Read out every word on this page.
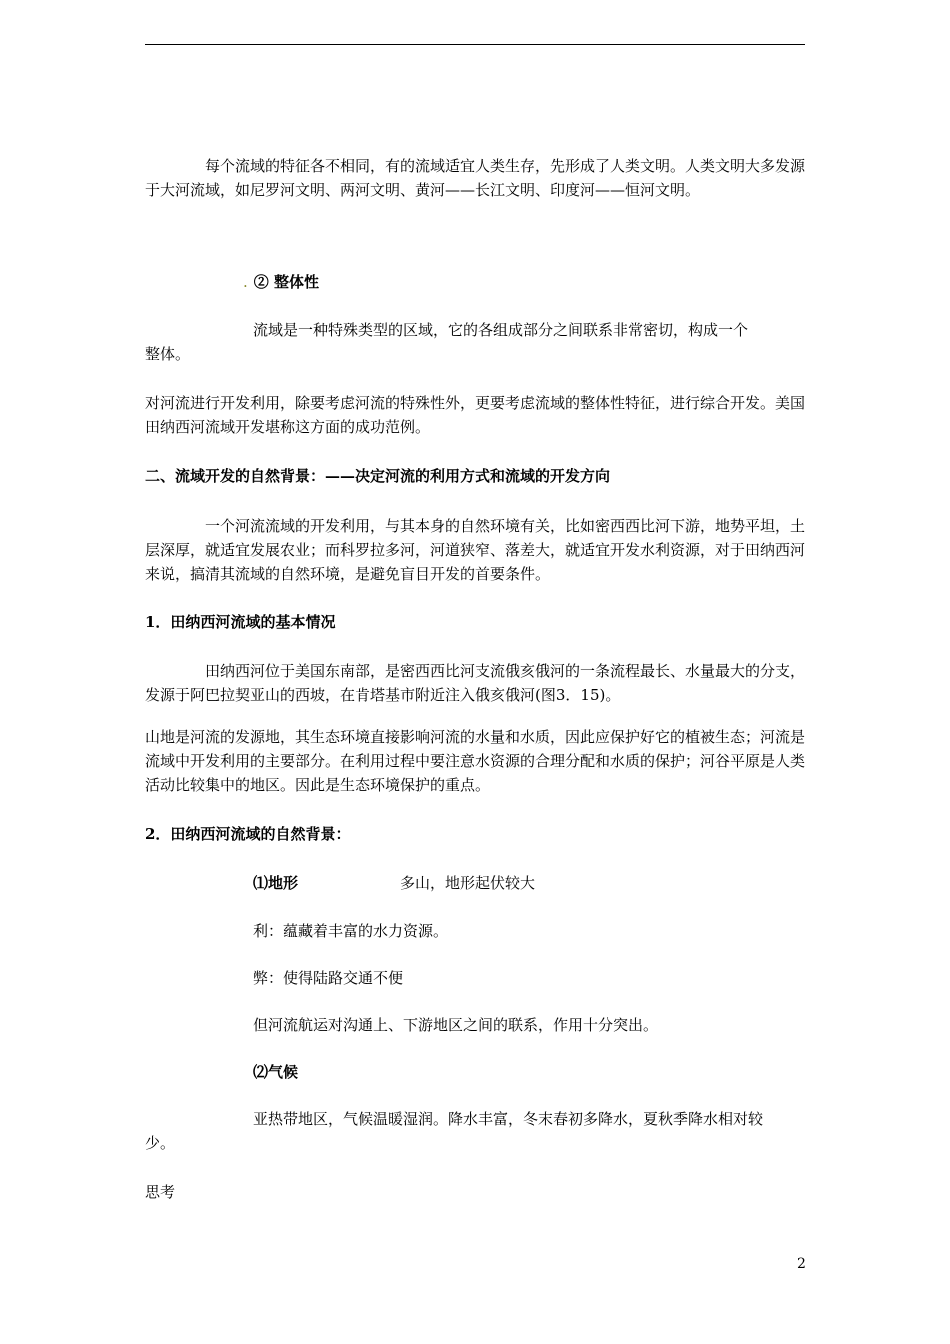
每个流域的特征各不相同，有的流域适宜人类生存，先形成了人类文明。人类文明大多发源于大河流域，如尼罗河文明、两河文明、黄河——长江文明、印度河——恒河文明。

. ② 整体性
流域是一种特殊类型的区域，它的各组成部分之间联系非常密切，构成一个
整体。

对河流进行开发利用，除要考虑河流的特殊性外，更要考虑流域的整体性特征，进行综合开发。美国田纳西河流域开发堪称这方面的成功范例。

二、流域开发的自然背景：——决定河流的利用方式和流域的开发方向

一个河流流域的开发利用，与其本身的自然环境有关，比如密西西比河下游，地势平坦，土层深厚，就适宜发展农业；而科罗拉多河，河道狭窄、落差大，就适宜开发水利资源，对于田纳西河来说，搞清其流域的自然环境，是避免盲目开发的首要条件。

1．田纳西河流域的基本情况

田纳西河位于美国东南部，是密西西比河支流俄亥俄河的一条流程最长、水量最大的分支，发源于阿巴拉契亚山的西坡，在肯塔基市附近注入俄亥俄河(图3．15)。

山地是河流的发源地，其生态环境直接影响河流的水量和水质，因此应保护好它的植被生态；河流是流域中开发利用的主要部分。在利用过程中要注意水资源的合理分配和水质的保护；河谷平原是人类活动比较集中的地区。因此是生态环境保护的重点。

2．田纳西河流域的自然背景：
⑴地形	多山，地形起伏较大
利：蕴藏着丰富的水力资源。
弊：使得陆路交通不便
但河流航运对沟通上、下游地区之间的联系，作用十分突出。
⑵气候
亚热带地区，气候温暖湿润。降水丰富，冬末春初多降水，夏秋季降水相对较
少。
思考
2
